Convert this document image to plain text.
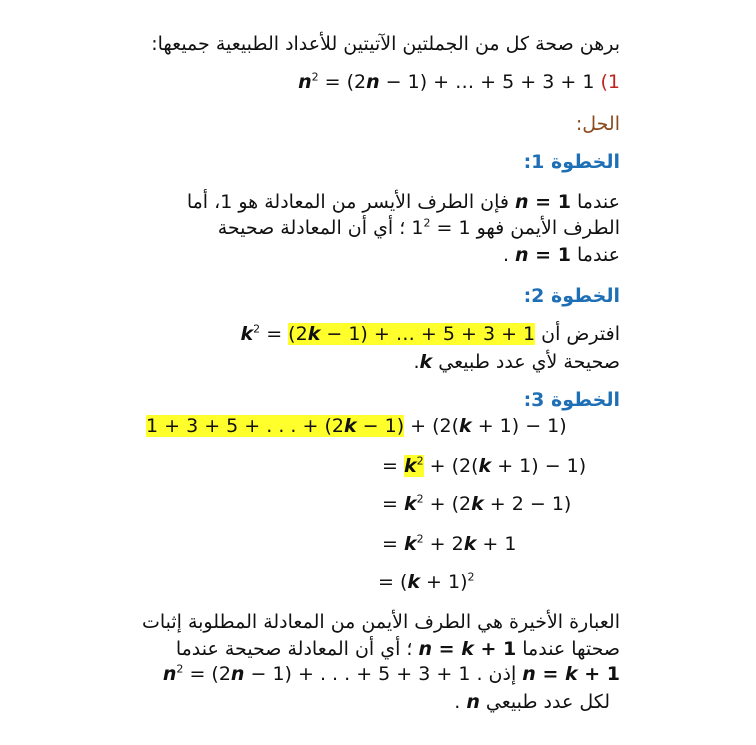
برهن صحة كل من الجملتين الآتيتين للأعداد الطبيعية جميعها:
1) 1 + 3 + 5 + … + $(2n - 1) = n^2$
الحل:
الخطوة 1:
عندما n = 1 فإن الطرف الأيسر من المعادلة هو 1، أما
الطرف الأيمن فهو $1 = 1^2$ ؛ أي أن المعادلة صحيحة
عندما n = 1 .
الخطوة 2:
افترض أن 1 + 3 + 5 + … + $(2k - 1) = k^2$
صحيحة لأي عدد طبيعي k.
الخطوة 3:
1 + 3 + 5 + . . . + (2k − 1) + (2(k + 1) − 1)
= $k^2 + (2(k + 1) - 1)$
= $k^2 + (2k + 2 - 1)$
= $k^2 + 2k + 1$
= $(k + 1)^2$
العبارة الأخيرة هي الطرف الأيمن من المعادلة المطلوبة إثبات
صحتها عندما n = k + 1 ؛ أي أن المعادلة صحيحة عندما
n = k + 1 إذن . 1 + 3 + 5 + . . . + $(2n - 1) = n^2$
لكل عدد طبيعي n .
